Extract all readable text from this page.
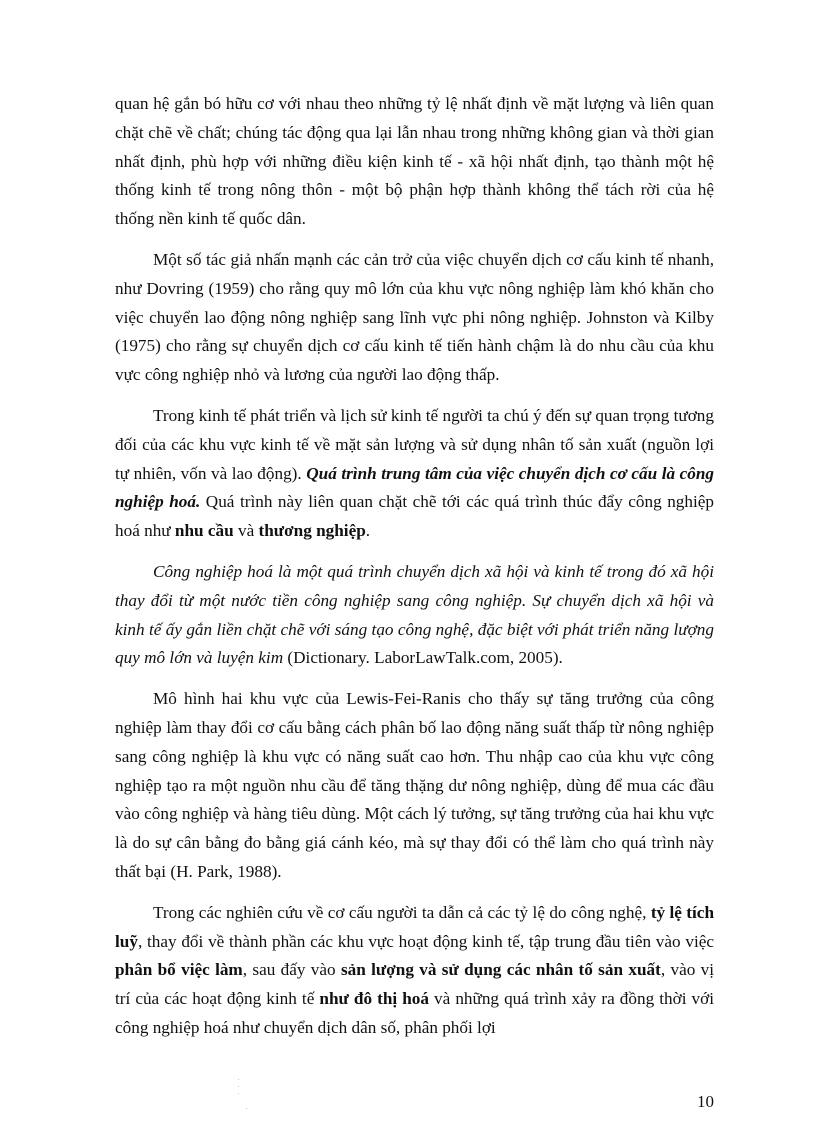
quan hệ gắn bó hữu cơ với nhau theo những tỷ lệ nhất định về mặt lượng và liên quan chặt chẽ về chất; chúng tác động qua lại lẫn nhau trong những không gian và thời gian nhất định, phù hợp với những điều kiện kinh tế - xã hội nhất định, tạo thành một hệ thống kinh tế trong nông thôn - một bộ phận hợp thành không thể tách rời của hệ thống nền kinh tế quốc dân.

Một số tác giả nhấn mạnh các cản trở của việc chuyển dịch cơ cấu kinh tế nhanh, như Dovring (1959) cho rằng quy mô lớn của khu vực nông nghiệp làm khó khăn cho việc chuyển lao động nông nghiệp sang lĩnh vực phi nông nghiệp. Johnston và Kilby (1975) cho rằng sự chuyển dịch cơ cấu kinh tế tiến hành chậm là do nhu cầu của khu vực công nghiệp nhỏ và lương của người lao động thấp.

Trong kinh tế phát triển và lịch sử kinh tế người ta chú ý đến sự quan trọng tương đối của các khu vực kinh tế về mặt sản lượng và sử dụng nhân tố sản xuất (nguồn lợi tự nhiên, vốn và lao động). Quá trình trung tâm của việc chuyển dịch cơ cấu là công nghiệp hoá. Quá trình này liên quan chặt chẽ tới các quá trình thúc đẩy công nghiệp hoá như nhu cầu và thương nghiệp.

Công nghiệp hoá là một quá trình chuyển dịch xã hội và kinh tế trong đó xã hội thay đổi từ một nước tiền công nghiệp sang công nghiệp. Sự chuyển dịch xã hội và kinh tế ấy gắn liền chặt chẽ với sáng tạo công nghệ, đặc biệt với phát triển năng lượng quy mô lớn và luyện kim (Dictionary. LaborLawTalk.com, 2005).

Mô hình hai khu vực của Lewis-Fei-Ranis cho thấy sự tăng trưởng của công nghiệp làm thay đổi cơ cấu bằng cách phân bố lao động năng suất thấp từ nông nghiệp sang công nghiệp là khu vực có năng suất cao hơn. Thu nhập cao của khu vực công nghiệp tạo ra một nguồn nhu cầu để tăng thặng dư nông nghiệp, dùng để mua các đầu vào công nghiệp và hàng tiêu dùng. Một cách lý tưởng, sự tăng trưởng của hai khu vực là do sự cân bằng đo bằng giá cánh kéo, mà sự thay đổi có thể làm cho quá trình này thất bại (H. Park, 1988).

Trong các nghiên cứu về cơ cấu người ta dẫn cả các tỷ lệ do công nghệ, tỷ lệ tích luỹ, thay đổi về thành phần các khu vực hoạt động kinh tế, tập trung đầu tiên vào việc phân bổ việc làm, sau đấy vào sản lượng và sử dụng các nhân tố sản xuất, vào vị trí của các hoạt động kinh tế như đô thị hoá và những quá trình xảy ra đồng thời với công nghiệp hoá như chuyển dịch dân số, phân phối lợi

10
